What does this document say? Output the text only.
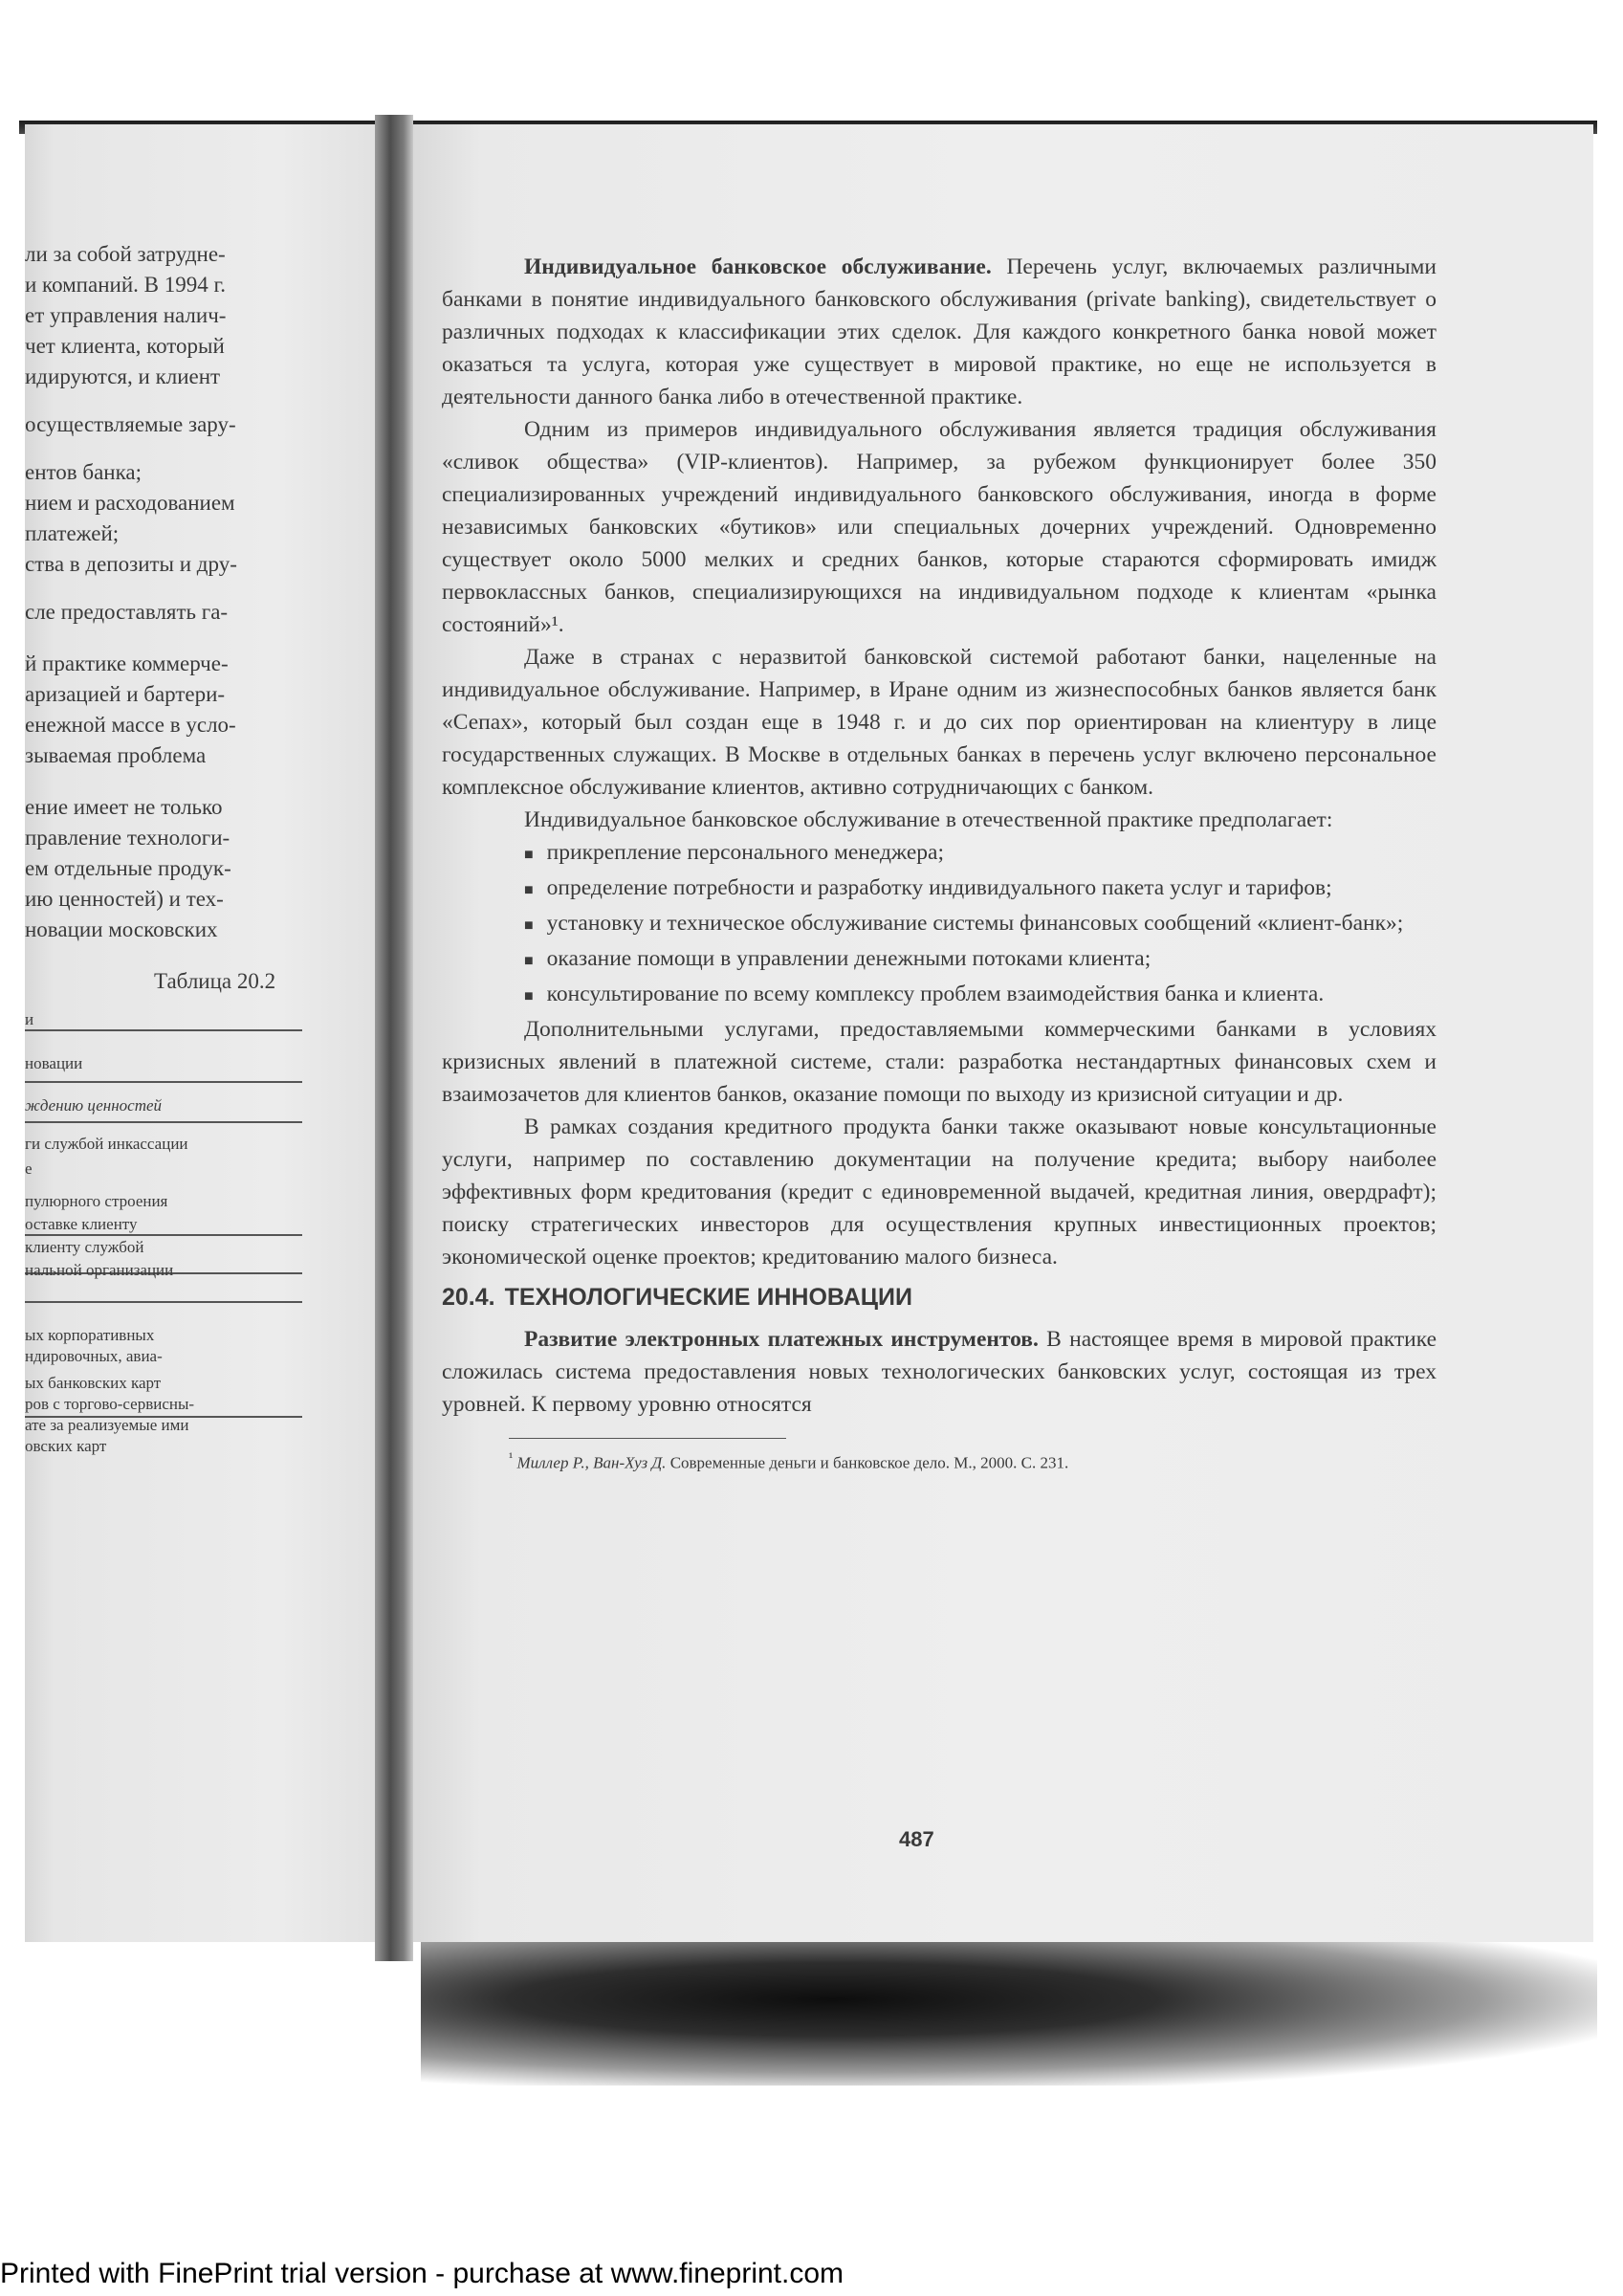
ли за собой затрудне-
и компаний. В 1994 г.
ет управления налич-
чет клиента, который
идируются, и клиент
осуществляемые зару-
ентов банка;
нием и расходованием
платежей;
ства в депозиты и дру-
сле предоставлять га-
й практике коммерче-
аризацией и бартери-
енежной массе в усло-
зываемая проблема
ение имеет не только
правление технологи-
ем отдельные продук-
ию ценностей) и тех-
новации московских
Таблица 20.2
и
новации
ждению ценностей
ги службой инкассации
е
пулюрного строения
оставке клиенту
клиенту службой
нальной организации
ых корпоративных
ндировочных, авиа-
ых банковских карт
ров с торгово-сервисны-
ате за реализуемые ими
овских карт

Индивидуальное банковское обслуживание. Перечень услуг, включаемых различными банками в понятие индивидуального банковского обслуживания (private banking), свидетельствует о различных подходах к классификации этих сделок. Для каждого конкретного банка новой может оказаться та услуга, которая уже существует в мировой практике, но еще не используется в деятельности данного банка либо в отечественной практике.

Одним из примеров индивидуального обслуживания является традиция обслуживания «сливок общества» (VIP-клиентов). Например, за рубежом функционирует более 350 специализированных учреждений индивидуального банковского обслуживания, иногда в форме независимых банковских «бутиков» или специальных дочерних учреждений. Одновременно существует около 5000 мелких и средних банков, которые стараются сформировать имидж первоклассных банков, специализирующихся на индивидуальном подходе к клиентам «рынка состояний»¹.

Даже в странах с неразвитой банковской системой работают банки, нацеленные на индивидуальное обслуживание. Например, в Иране одним из жизнеспособных банков является банк «Сепах», который был создан еще в 1948 г. и до сих пор ориентирован на клиентуру в лице государственных служащих. В Москве в отдельных банках в перечень услуг включено персональное комплексное обслуживание клиентов, активно сотрудничающих с банком.

Индивидуальное банковское обслуживание в отечественной практике предполагает:

■ прикрепление персонального менеджера;
■ определение потребности и разработку индивидуального пакета услуг и тарифов;
■ установку и техническое обслуживание системы финансовых сообщений «клиент-банк»;
■ оказание помощи в управлении денежными потоками клиента;
■ консультирование по всему комплексу проблем взаимодействия банка и клиента.

Дополнительными услугами, предоставляемыми коммерческими банками в условиях кризисных явлений в платежной системе, стали: разработка нестандартных финансовых схем и взаимозачетов для клиентов банков, оказание помощи по выходу из кризисной ситуации и др.

В рамках создания кредитного продукта банки также оказывают новые консультационные услуги, например по составлению документации на получение кредита; выбору наиболее эффективных форм кредитования (кредит с единовременной выдачей, кредитная линия, овердрафт); поиску стратегических инвесторов для осуществления крупных инвестиционных проектов; экономической оценке проектов; кредитованию малого бизнеса.

20.4. ТЕХНОЛОГИЧЕСКИЕ ИННОВАЦИИ

Развитие электронных платежных инструментов. В настоящее время в мировой практике сложилась система предоставления новых технологических банковских услуг, состоящая из трех уровней. К первому уровню относятся

$^{^1}$ Миллер Р., Ван-Хуз Д. Современные деньги и банковское дело. М., 2000. С. 231.

487
Printed with FinePrint trial version - purchase at www.fineprint.com
